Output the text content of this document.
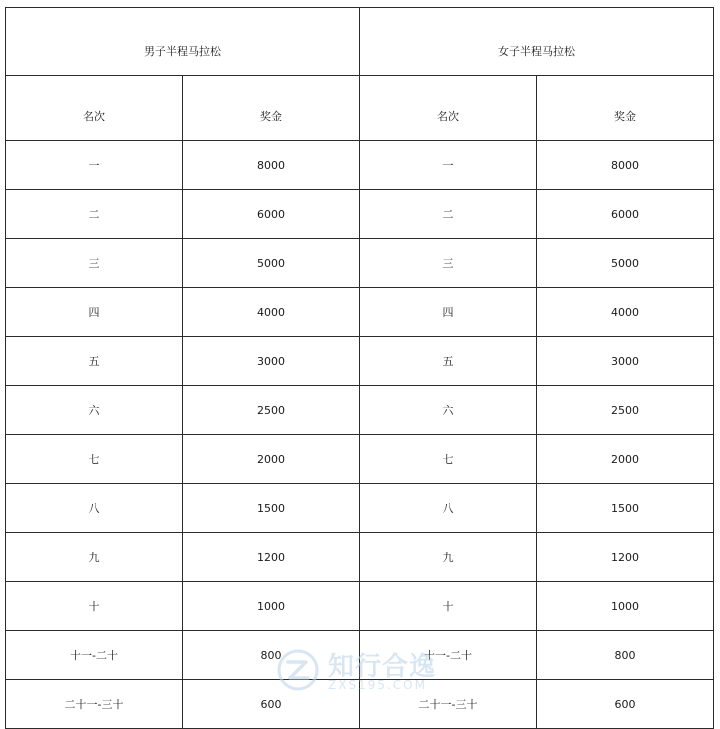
男子半程马拉松		女子半程马拉松	
名次	奖金	名次	奖金
一	8000	一	8000
二	6000	二	6000
三	5000	三	5000
四	4000	四	4000
五	3000	五	3000
六	2500	六	2500
七	2000	七	2000
八	1500	八	1500
九	1200	九	1200
十	1000	十	1000
十一-二十	800	十一-二十	800
二十一-三十	600	二十一-三十	600
知行合逸
ZXS195.COM
